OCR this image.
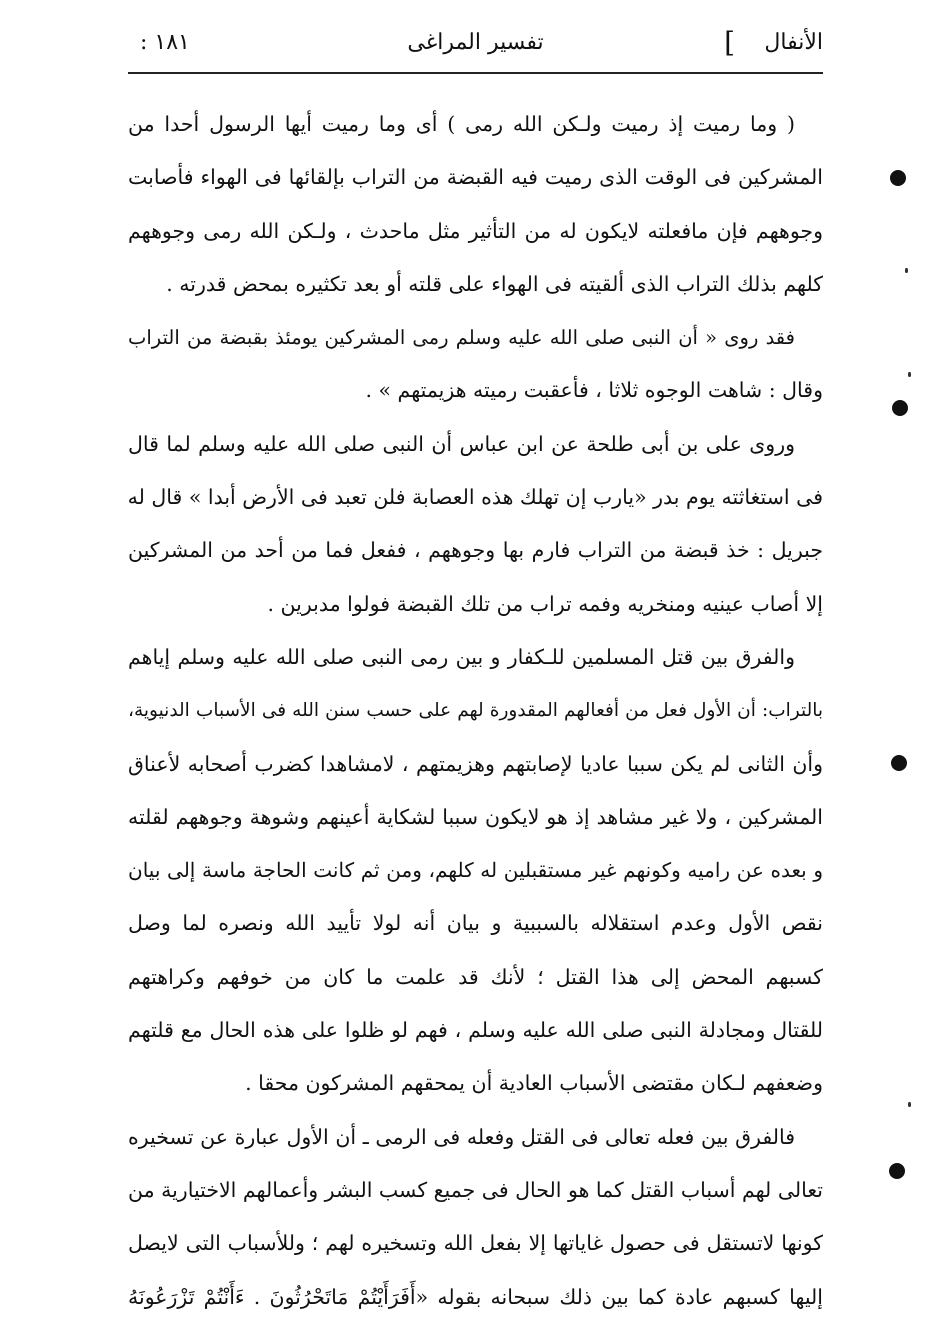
الأنفال
]
تفسير المراغى
١٨١ :
( وما رميت إذ رميت ولـكن الله رمى ) أى وما رميت أيها الرسول أحدا من
المشركين فى الوقت الذى رميت فيه القبضة من التراب بإلقائها فى الهواء فأصابت
وجوههم فإن مافعلته لايكون له من التأثير مثل ماحدث ، ولـكن الله رمى وجوههم
كلهم بذلك التراب الذى ألقيته فى الهواء على قلته أو بعد تكثيره بمحض قدرته .
فقد روى « أن النبى صلى الله عليه وسلم رمى المشركين يومئذ بقبضة من التراب
وقال : شاهت الوجوه ثلاثا ، فأعقبت رميته هزيمتهم » .
وروى على بن أبى طلحة عن ابن عباس أن النبى صلى الله عليه وسلم لما قال
فى استغاثته يوم بدر «يارب إن تهلك هذه العصابة فلن تعبد فى الأرض أبدا » قال له
جبريل : خذ قبضة من التراب فارم بها وجوههم ، ففعل فما من أحد من المشركين
إلا أصاب عينيه ومنخريه وفمه تراب من تلك القبضة فولوا مدبرين .
والفرق بين قتل المسلمين للـكفار و بين رمى النبى صلى الله عليه وسلم إياهم
بالتراب: أن الأول فعل من أفعالهم المقدورة لهم على حسب سنن الله فى الأسباب الدنيوية،
وأن الثانى لم يكن سببا عاديا لإصابتهم وهزيمتهم ، لامشاهدا كضرب أصحابه لأعناق
المشركين ، ولا غير مشاهد إذ هو لايكون سببا لشكاية أعينهم وشوهة وجوههم لقلته
و بعده عن راميه وكونهم غير مستقبلين له كلهم، ومن ثم كانت الحاجة ماسة إلى بيان
نقص الأول وعدم استقلاله بالسببية و بيان أنه لولا تأييد الله ونصره لما وصل
كسبهم المحض إلى هذا القتل ؛ لأنك قد علمت ما كان من خوفهم وكراهتهم
للقتال ومجادلة النبى صلى الله عليه وسلم ، فهم لو ظلوا على هذه الحال مع قلتهم
وضعفهم لـكان مقتضى الأسباب العادية أن يمحقهم المشركون محقا .
فالفرق بين فعله تعالى فى القتل وفعله فى الرمى ـ أن الأول عبارة عن تسخيره
تعالى لهم أسباب القتل كما هو الحال فى جميع كسب البشر وأعمالهم الاختيارية من
كونها لاتستقل فى حصول غاياتها إلا بفعل الله وتسخيره لهم ؛ وللأسباب التى لايصل
إليها كسبهم عادة كما بين ذلك سبحانه بقوله «أَفَرَأَيْتُمْ مَاتَحْرُثُونَ . ءَأَنْتُمْ تَزْرَعُونَهُ
